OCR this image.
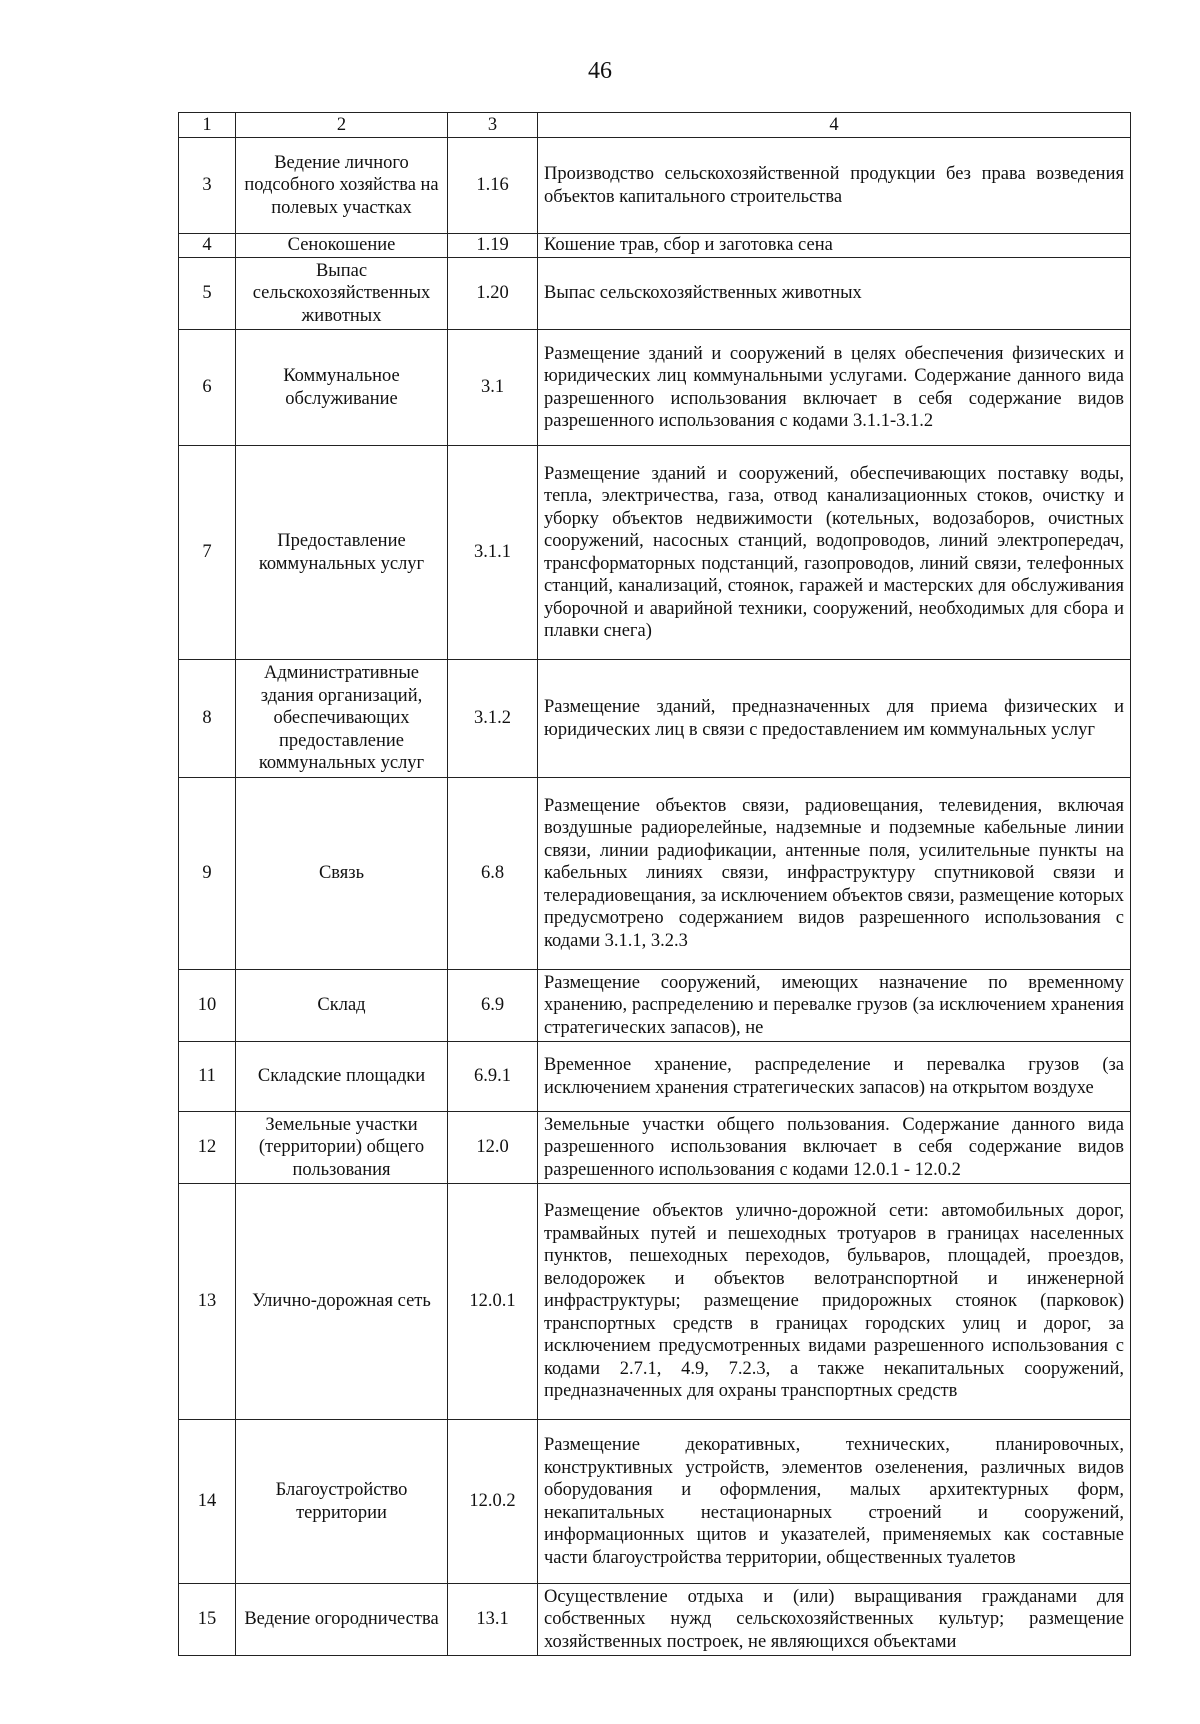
46
1	2	3	4
3	Ведение личного подсобного хозяйства на полевых участках	1.16	Производство сельскохозяйственной продукции без права возведения объектов капитального строительства
4	Сенокошение	1.19	Кошение трав, сбор и заготовка сена
5	Выпас сельскохозяйственных животных	1.20	Выпас сельскохозяйственных животных
6	Коммунальное обслуживание	3.1	Размещение зданий и сооружений в целях обеспечения физических и юридических лиц коммунальными услугами. Содержание данного вида разрешенного использования включает в себя содержание видов разрешенного использования с кодами 3.1.1-3.1.2
7	Предоставление коммунальных услуг	3.1.1	Размещение зданий и сооружений, обеспечивающих поставку воды, тепла, электричества, газа, отвод канализационных стоков, очистку и уборку объектов недвижимости (котельных, водозаборов, очистных сооружений, насосных станций, водопроводов, линий электропередач, трансформаторных подстанций, газопроводов, линий связи, телефонных станций, канализаций, стоянок, гаражей и мастерских для обслуживания уборочной и аварийной техники, сооружений, необходимых для сбора и плавки снега)
8	Административные здания организаций, обеспечивающих предоставление коммунальных услуг	3.1.2	Размещение зданий, предназначенных для приема физических и юридических лиц в связи с предоставлением им коммунальных услуг
9	Связь	6.8	Размещение объектов связи, радиовещания, телевидения, включая воздушные радиорелейные, надземные и подземные кабельные линии связи, линии радиофикации, антенные поля, усилительные пункты на кабельных линиях связи, инфраструктуру спутниковой связи и телерадиовещания, за исключением объектов связи, размещение которых предусмотрено содержанием видов разрешенного использования с кодами 3.1.1, 3.2.3
10	Склад	6.9	Размещение сооружений, имеющих назначение по временному хранению, распределению и перевалке грузов (за исключением хранения стратегических запасов), не
11	Складские площадки	6.9.1	Временное хранение, распределение и перевалка грузов (за исключением хранения стратегических запасов) на открытом воздухе
12	Земельные участки (территории) общего пользования	12.0	Земельные участки общего пользования. Содержание данного вида разрешенного использования включает в себя содержание видов разрешенного использования с кодами 12.0.1 - 12.0.2
13	Улично-дорожная сеть	12.0.1	Размещение объектов улично-дорожной сети: автомобильных дорог, трамвайных путей и пешеходных тротуаров в границах населенных пунктов, пешеходных переходов, бульваров, площадей, проездов, велодорожек и объектов велотранспортной и инженерной инфраструктуры; размещение придорожных стоянок (парковок) транспортных средств в границах городских улиц и дорог, за исключением предусмотренных видами разрешенного использования с кодами 2.7.1, 4.9, 7.2.3, а также некапитальных сооружений, предназначенных для охраны транспортных средств
14	Благоустройство территории	12.0.2	Размещение декоративных, технических, планировочных, конструктивных устройств, элементов озеленения, различных видов оборудования и оформления, малых архитектурных форм, некапитальных нестационарных строений и сооружений, информационных щитов и указателей, применяемых как составные части благоустройства территории, общественных туалетов
15	Ведение огородничества	13.1	Осуществление отдыха и (или) выращивания гражданами для собственных нужд сельскохозяйственных культур; размещение хозяйственных построек, не являющихся объектами
